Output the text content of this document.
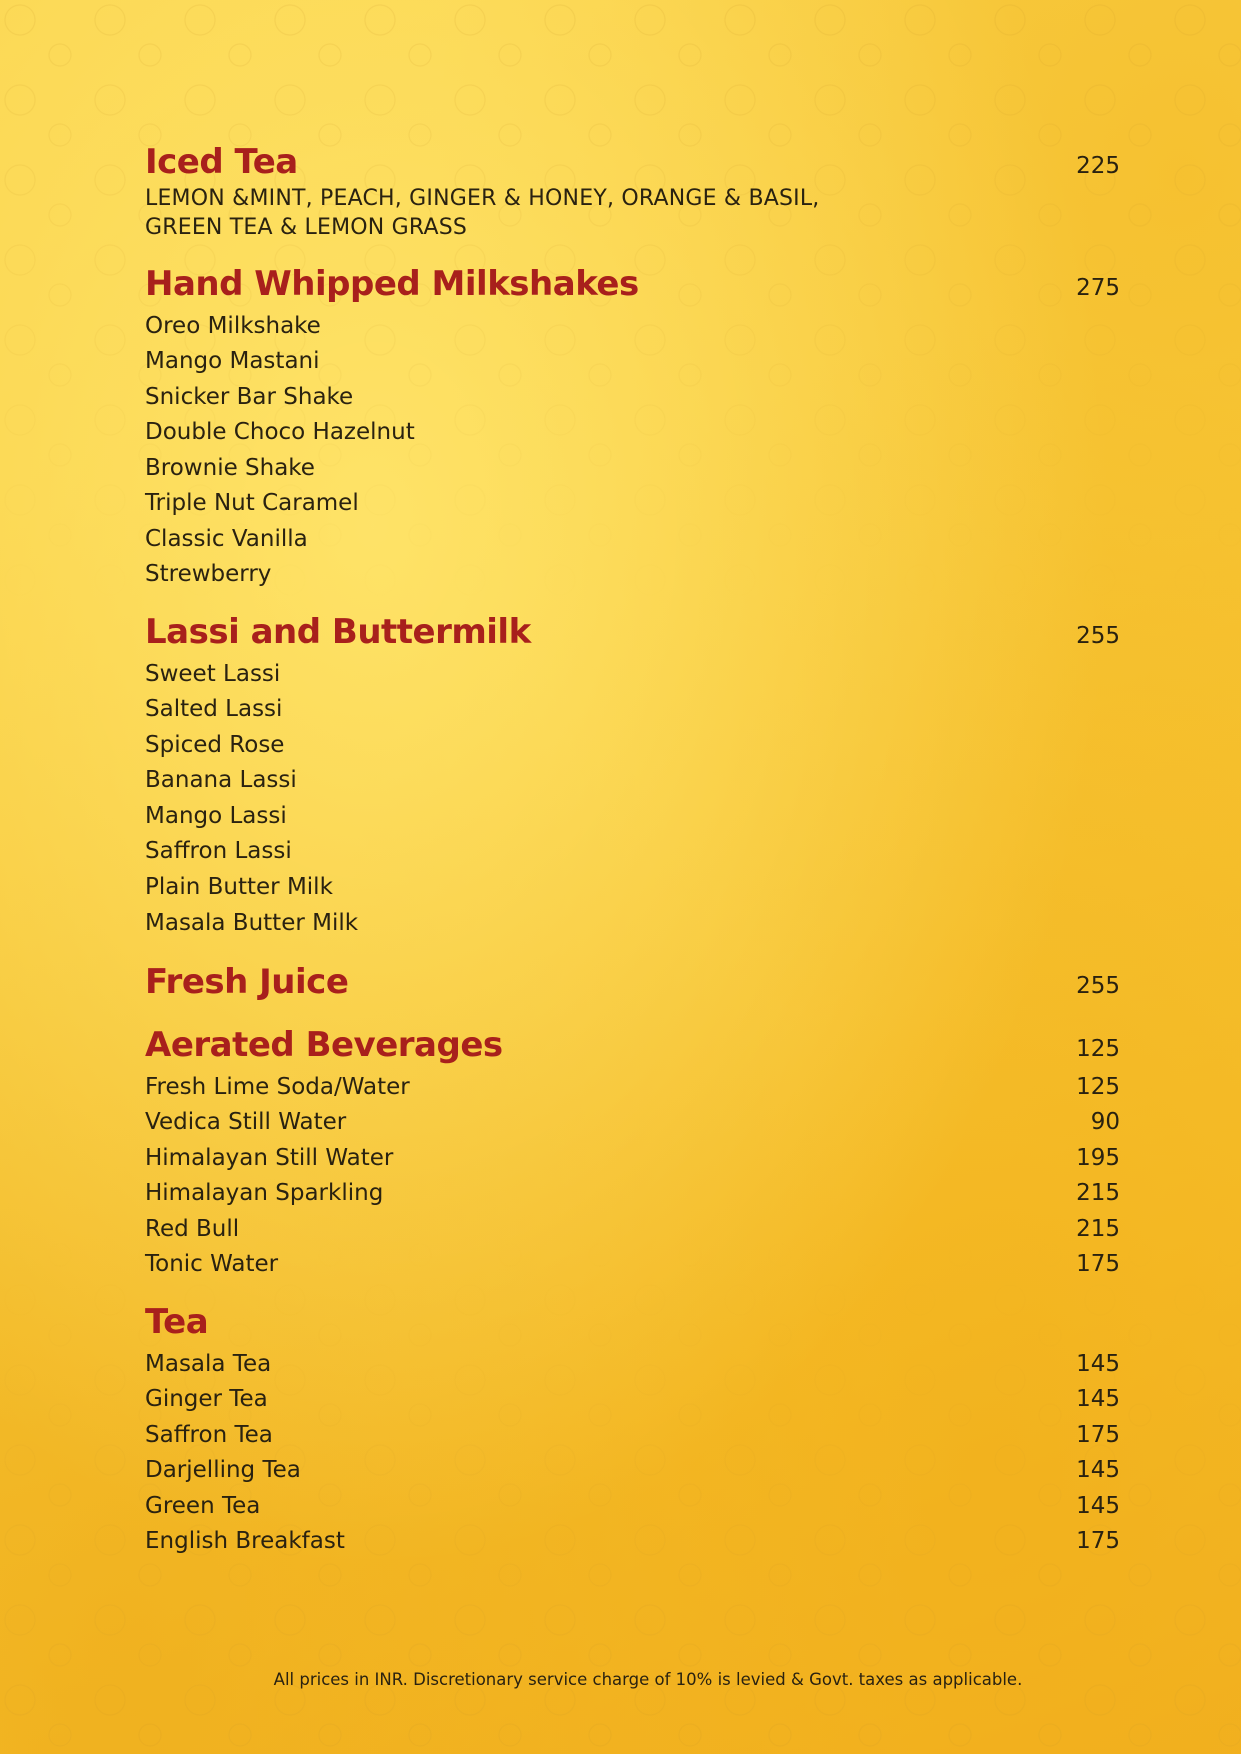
Iced Tea	225
LEMON &MINT, PEACH, GINGER & HONEY, ORANGE & BASIL,
GREEN TEA & LEMON GRASS
Hand Whipped Milkshakes	275
Oreo Milkshake
Mango Mastani
Snicker Bar Shake
Double Choco Hazelnut
Brownie Shake
Triple Nut Caramel
Classic Vanilla
Strewberry
Lassi and Buttermilk	255
Sweet Lassi
Salted Lassi
Spiced Rose
Banana Lassi
Mango Lassi
Saffron Lassi
Plain Butter Milk
Masala Butter Milk
Fresh Juice	255
Aerated Beverages	125
Fresh Lime Soda/Water	125
Vedica Still Water	90
Himalayan Still Water	195
Himalayan Sparkling	215
Red Bull	215
Tonic Water	175
Tea
Masala Tea	145
Ginger Tea	145
Saffron Tea	175
Darjelling Tea	145
Green Tea	145
English Breakfast	175
All prices in INR. Discretionary service charge of 10% is levied & Govt. taxes as applicable.
